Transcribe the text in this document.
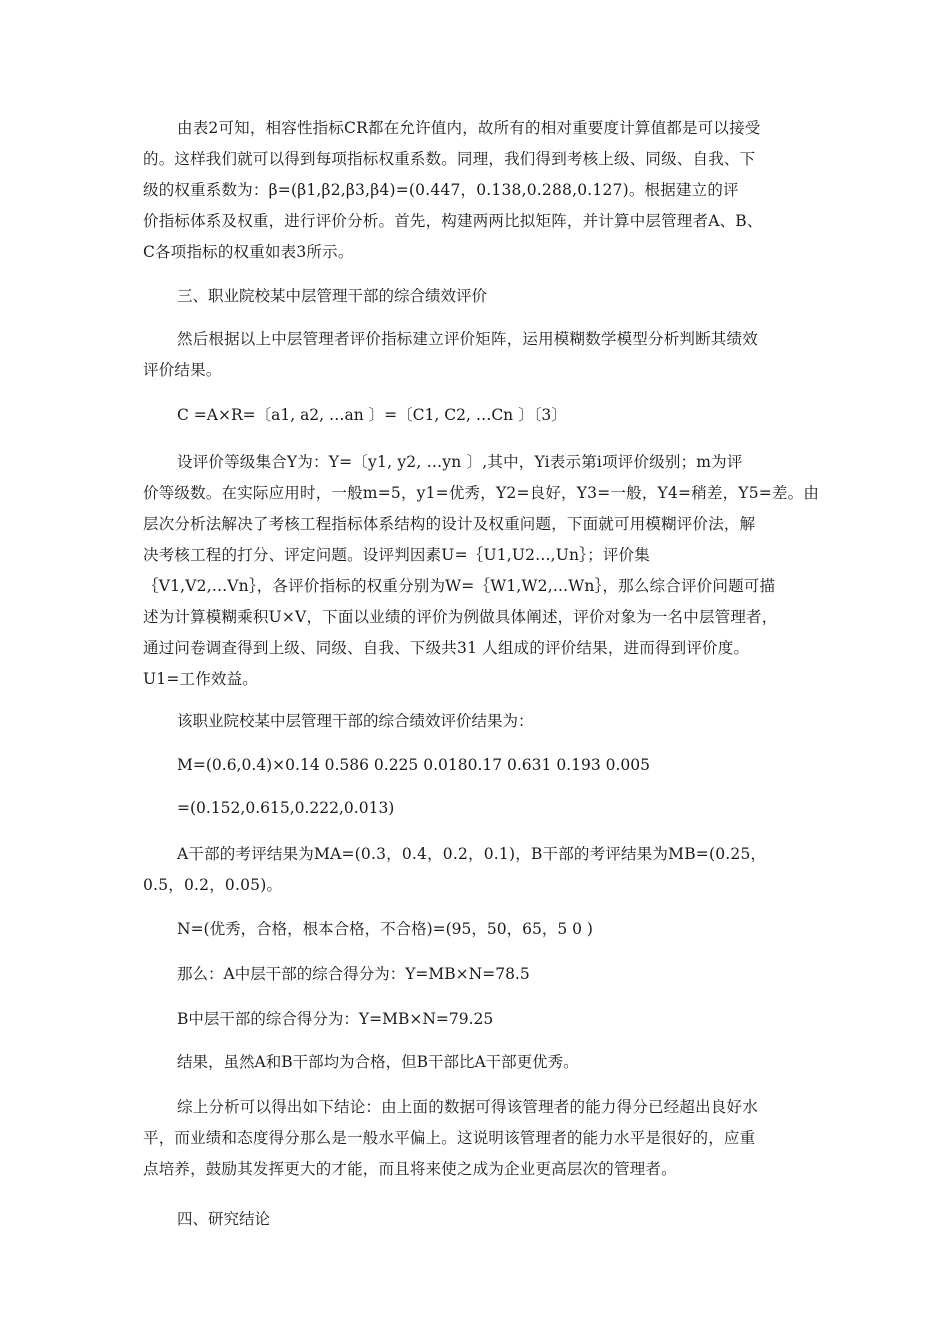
由表2可知，相容性指标CR都在允许值内，故所有的相对重要度计算值都是可以接受
的。这样我们就可以得到每项指标权重系数。同理，我们得到考核上级、同级、自我、下
级的权重系数为：β=(β1,β2,β3,β4)=(0.447，0.138,0.288,0.127)。根据建立的评
价指标体系及权重，进行评价分析。首先，构建两两比拟矩阵，并计算中层管理者A、B、
C各项指标的权重如表3所示。
三、职业院校某中层管理干部的综合绩效评价
然后根据以上中层管理者评价指标建立评价矩阵，运用模糊数学模型分析判断其绩效
评价结果。
C =A×R=〔a1, a2, …an 〕=〔C1, C2, …Cn 〕〔3〕
设评价等级集合Y为：Y=〔y1, y2, …yn 〕,其中，Yi表示第i项评价级别；m为评
价等级数。在实际应用时，一般m=5，y1=优秀，Y2=良好，Y3=一般，Y4=稍差，Y5=差。由
层次分析法解决了考核工程指标体系结构的设计及权重问题，下面就可用模糊评价法，解
决考核工程的打分、评定问题。设评判因素U=｛U1,U2...,Un｝；评价集
｛V1,V2,...Vn｝，各评价指标的权重分别为W=｛W1,W2,...Wn｝，那么综合评价问题可描
述为计算模糊乘积U×V，下面以业绩的评价为例做具体阐述，评价对象为一名中层管理者，
通过问卷调查得到上级、同级、自我、下级共31 人组成的评价结果，进而得到评价度。
U1=工作效益。
该职业院校某中层管理干部的综合绩效评价结果为：
M=(0.6,0.4)×0.14 0.586 0.225 0.0180.17 0.631 0.193 0.005
=(0.152,0.615,0.222,0.013)
A干部的考评结果为MA=(0.3，0.4，0.2，0.1)，B干部的考评结果为MB=(0.25，
0.5，0.2，0.05)。
N=(优秀，合格，根本合格，不合格)=(95，50，65，5 0 )
那么：A中层干部的综合得分为：Y=MB×N=78.5
B中层干部的综合得分为：Y=MB×N=79.25
结果，虽然A和B干部均为合格，但B干部比A干部更优秀。
综上分析可以得出如下结论：由上面的数据可得该管理者的能力得分已经超出良好水
平，而业绩和态度得分那么是一般水平偏上。这说明该管理者的能力水平是很好的，应重
点培养，鼓励其发挥更大的才能，而且将来使之成为企业更高层次的管理者。
四、研究结论
